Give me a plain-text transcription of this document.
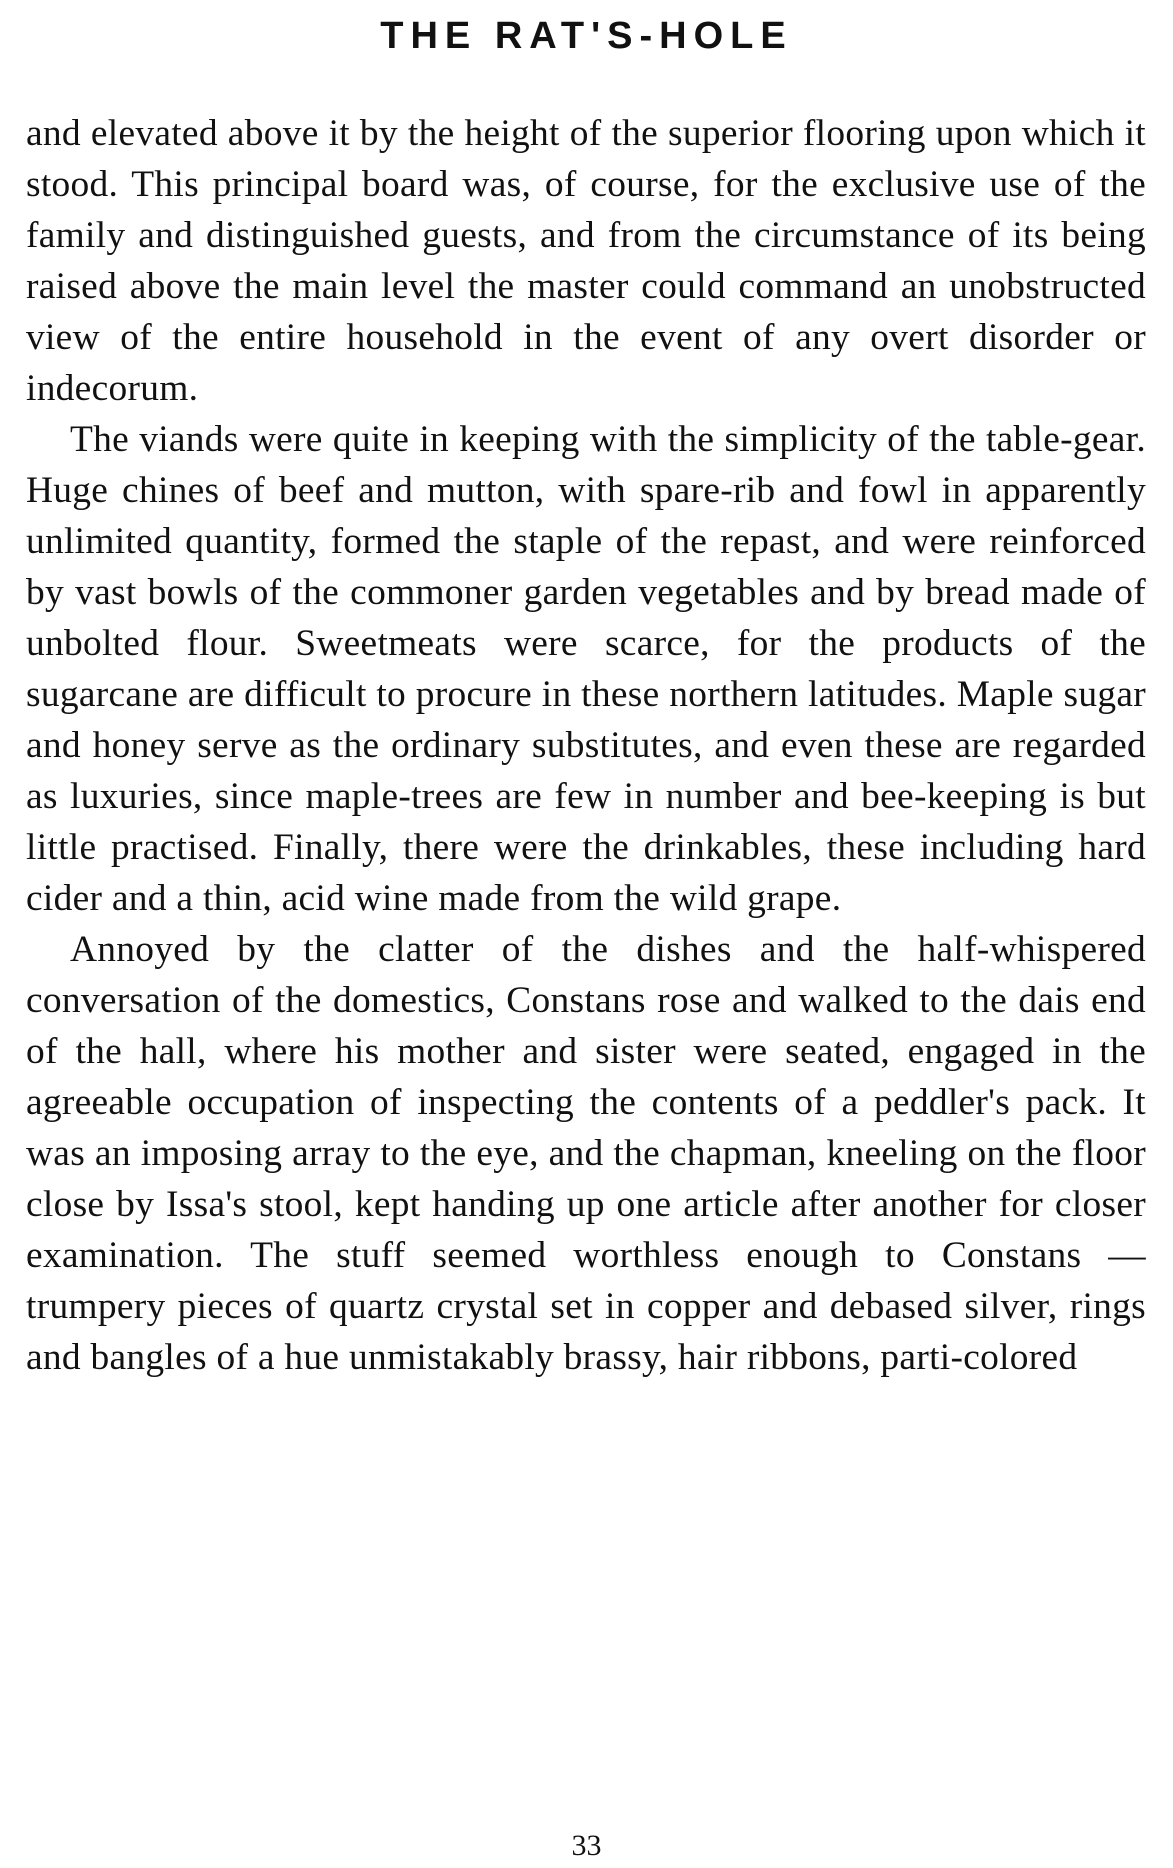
THE RAT'S-HOLE

and elevated above it by the height of the superior flooring upon which it stood. This principal board was, of course, for the exclusive use of the family and distinguished guests, and from the circumstance of its being raised above the main level the master could command an unobstructed view of the entire household in the event of any overt disorder or indecorum.

The viands were quite in keeping with the simplicity of the table-gear. Huge chines of beef and mutton, with spare-rib and fowl in apparently unlimited quantity, formed the staple of the repast, and were reinforced by vast bowls of the commoner garden vegetables and by bread made of unbolted flour. Sweetmeats were scarce, for the products of the sugarcane are difficult to procure in these northern latitudes. Maple sugar and honey serve as the ordinary substitutes, and even these are regarded as luxuries, since maple-trees are few in number and bee-keeping is but little practised. Finally, there were the drinkables, these including hard cider and a thin, acid wine made from the wild grape.

Annoyed by the clatter of the dishes and the half-whispered conversation of the domestics, Constans rose and walked to the dais end of the hall, where his mother and sister were seated, engaged in the agreeable occupation of inspecting the contents of a peddler's pack. It was an imposing array to the eye, and the chapman, kneeling on the floor close by Issa's stool, kept handing up one article after another for closer examination. The stuff seemed worthless enough to Constans — trumpery pieces of quartz crystal set in copper and debased silver, rings and bangles of a hue unmistakably brassy, hair ribbons, parti-colored

33
